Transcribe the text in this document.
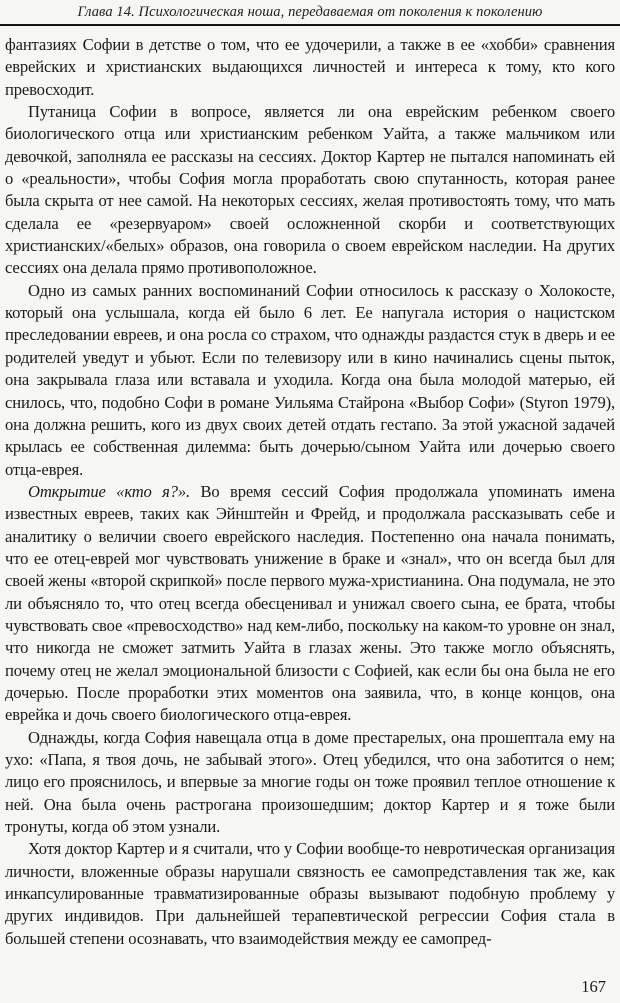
Глава 14. Психологическая ноша, передаваемая от поколения к поколению

фантазиях Софии в детстве о том, что ее удочерили, а также в ее «хобби» сравнения еврейских и христианских выдающихся личностей и интереса к тому, кто кого превосходит.

Путаница Софии в вопросе, является ли она еврейским ребенком своего биологического отца или христианским ребенком Уайта, а также мальчиком или девочкой, заполняла ее рассказы на сессиях. Доктор Картер не пытался напоминать ей о «реальности», чтобы София могла проработать свою спутанность, которая ранее была скрыта от нее самой. На некоторых сессиях, желая противостоять тому, что мать сделала ее «резервуаром» своей осложненной скорби и соответствующих христианских/«белых» образов, она говорила о своем еврейском наследии. На других сессиях она делала прямо противоположное.

Одно из самых ранних воспоминаний Софии относилось к рассказу о Холокосте, который она услышала, когда ей было 6 лет. Ее напугала история о нацистском преследовании евреев, и она росла со страхом, что однажды раздастся стук в дверь и ее родителей уведут и убьют. Если по телевизору или в кино начинались сцены пыток, она закрывала глаза или вставала и уходила. Когда она была молодой матерью, ей снилось, что, подобно Софи в романе Уильяма Стайрона «Выбор Софи» (Styron 1979), она должна решить, кого из двух своих детей отдать гестапо. За этой ужасной задачей крылась ее собственная дилемма: быть дочерью/сыном Уайта или дочерью своего отца-еврея.

Открытие «кто я?». Во время сессий София продолжала упоминать имена известных евреев, таких как Эйнштейн и Фрейд, и продолжала рассказывать себе и аналитику о величии своего еврейского наследия. Постепенно она начала понимать, что ее отец-еврей мог чувствовать унижение в браке и «знал», что он всегда был для своей жены «второй скрипкой» после первого мужа-христианина. Она подумала, не это ли объясняло то, что отец всегда обесценивал и унижал своего сына, ее брата, чтобы чувствовать свое «превосходство» над кем-либо, поскольку на каком-то уровне он знал, что никогда не сможет затмить Уайта в глазах жены. Это также могло объяснять, почему отец не желал эмоциональной близости с Софией, как если бы она была не его дочерью. После проработки этих моментов она заявила, что, в конце концов, она еврейка и дочь своего биологического отца-еврея.

Однажды, когда София навещала отца в доме престарелых, она прошептала ему на ухо: «Папа, я твоя дочь, не забывай этого». Отец убедился, что она заботится о нем; лицо его прояснилось, и впервые за многие годы он тоже проявил теплое отношение к ней. Она была очень растрогана произошедшим; доктор Картер и я тоже были тронуты, когда об этом узнали.

Хотя доктор Картер и я считали, что у Софии вообще-то невротическая организация личности, вложенные образы нарушали связность ее самопредставления так же, как инкапсулированные травматизированные образы вызывают подобную проблему у других индивидов. При дальнейшей терапевтической регрессии София стала в большей степени осознавать, что взаимодействия между ее самопред-

167
